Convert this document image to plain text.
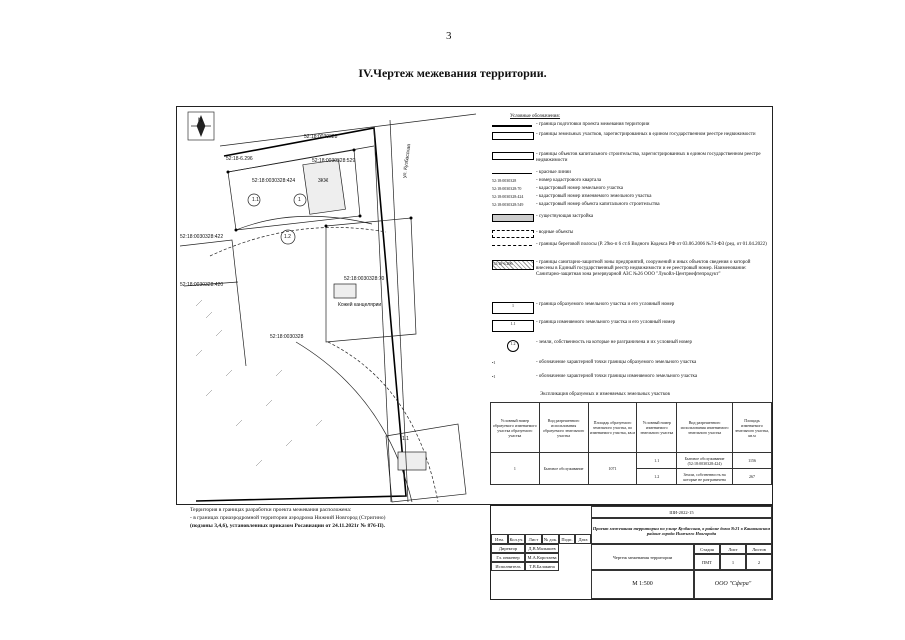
3
IV.Чертеж межевания территории.
ул. Кузбасская
52:18:0030328
52:18-6.296	52:18:0030328:529
52:18:0030328:424	3КЖ
1.1	1
1.2
52:18:0030328:422
52:18:0030328:420
52:18:0030328:70
Кожей канцелярии
52:18:0030328
N
1.1
Условные обозначения:
- граница подготовки проекта межевания территории
- границы земельных участков, зарегистрированных в едином государственном реестре недвижимости
- границы объектов капитального строительства, зарегистрированных в едином государственном реестре недвижимости
- красные линии
52:18:0030328	- номер кадастрового квартала
52:18:0030328:70	- кадастровый номер земельного участка
52:18:0030328:424	- кадастровый номер изменяемого земельного участка
52:18:0030328:549	- кадастровый номер объекта капитального строительства
- существующая застройка
- водные объекты
- границы береговой полосы (Р. 29ю-п 6 ст.6 Водного Кодекса РФ от 03.06.2006 №74-ФЗ (ред. от 01.04.2022)
52:18-6.296	- границы санитарно-защитной зоны предприятий, сооружений и иных объектов сведения о которой внесены в Единый государственный реестр недвижимости и ее реестровый номер. Наименование: Санитарно-защитная зона резервуарной АЗС №26 ООО "Лукойл-Центрнефтепродукт"
1	- граница образуемого земельного участка и его условный номер
1.1	- граница изменяемого земельного участка и его условный номер
1.2	- земли, собственность на которые не разграничена и их условный номер
•1	- обозначение характерной точки границы образуемого земельного участка
•1	- обозначение характерной точки границы изменяемого земельного участка
Экспликация образуемых и изменяемых земельных участков
Условный номер образуемого изменяемого участка образуемого участка	Вид разрешенного использования образуемого земельного участка	Площадь образуемого земельного участка, по изменяемого участка, кв.м	Условный номер изменяемого земельного участка	Вид разрешенного использования изменяемого земельного участка	Площадь изменяемого земельного участка, кв.м
1	Бытовое обслуживание	1071	1.1	Бытовое обслуживание (52:18:0030328:424)	1156
			1.2	Земли, собственность на которые не разграничена	267
Территория в границах разработки проекта межевания расположена:
- в границах приаэродромной территории аэродрома Нижний Новгород (Стригино)
(подзоны 3,4,6), установленных приказом Росавиации от 24.11.2021г № 876-П).
ШИ-2022-15
Проект межевания территории по улице Кузбасская, в районе дома №21 в Канавинском районе города Нижнего Новгорода
Чертеж межевания территории
Стадия	Лист	Листов
ПМТ	1	2
М 1:500	ООО "Сфера"
Изм.	Кол.уч.	Лист	№ док. Подп.	Дата
Директор	Д.В.Малышев
Гл. инженер	М.А.Коротаева
Исполнитель	Т.В.Балакина
